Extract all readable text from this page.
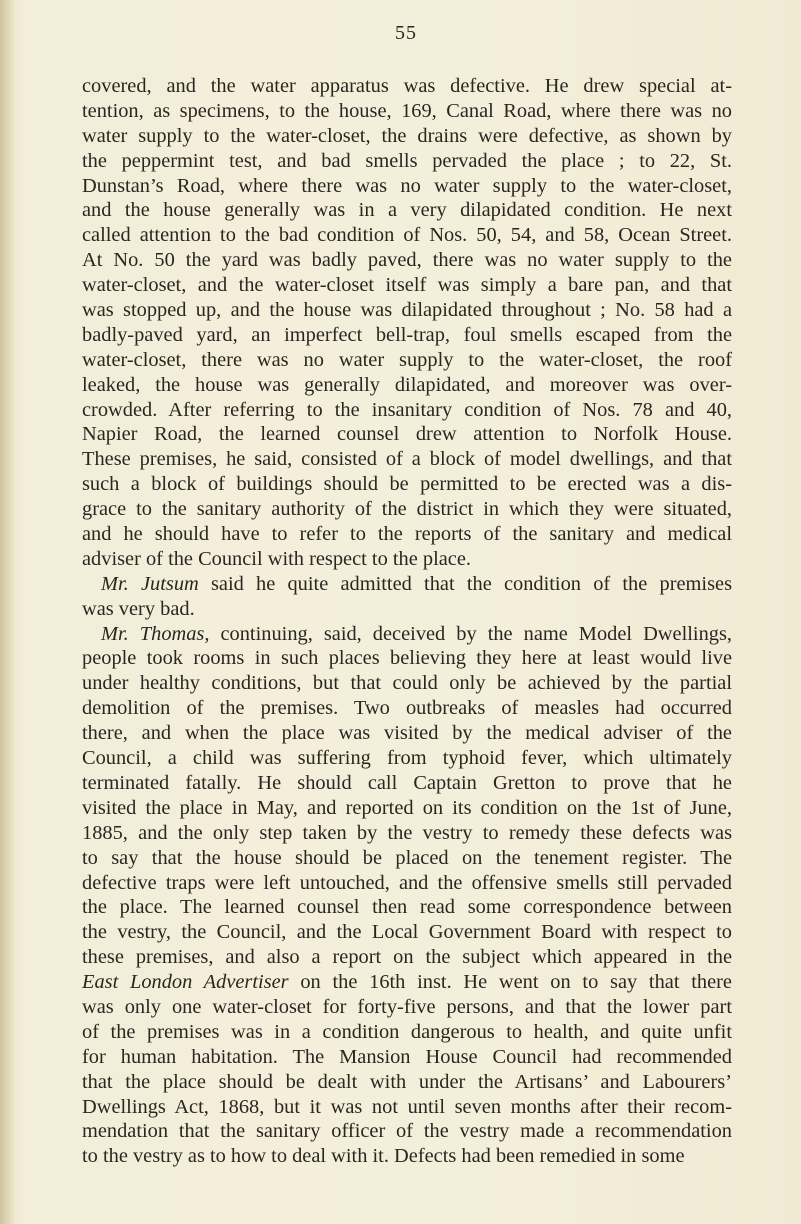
55
covered, and the water apparatus was defective. He drew special at-
tention, as specimens, to the house, 169, Canal Road, where there was no
water supply to the water-closet, the drains were defective, as shown by
the peppermint test, and bad smells pervaded the place ; to 22, St.
Dunstan’s Road, where there was no water supply to the water-closet,
and the house generally was in a very dilapidated condition. He next
called attention to the bad condition of Nos. 50, 54, and 58, Ocean Street.
At No. 50 the yard was badly paved, there was no water supply to the
water-closet, and the water-closet itself was simply a bare pan, and that
was stopped up, and the house was dilapidated throughout ; No. 58 had a
badly-paved yard, an imperfect bell-trap, foul smells escaped from the
water-closet, there was no water supply to the water-closet, the roof
leaked, the house was generally dilapidated, and moreover was over-
crowded. After referring to the insanitary condition of Nos. 78 and 40,
Napier Road, the learned counsel drew attention to Norfolk House.
These premises, he said, consisted of a block of model dwellings, and that
such a block of buildings should be permitted to be erected was a dis-
grace to the sanitary authority of the district in which they were situated,
and he should have to refer to the reports of the sanitary and medical
adviser of the Council with respect to the place.
Mr. Jutsum said he quite admitted that the condition of the premises
was very bad.
Mr. Thomas, continuing, said, deceived by the name Model Dwellings,
people took rooms in such places believing they here at least would live
under healthy conditions, but that could only be achieved by the partial
demolition of the premises. Two outbreaks of measles had occurred
there, and when the place was visited by the medical adviser of the
Council, a child was suffering from typhoid fever, which ultimately
terminated fatally. He should call Captain Gretton to prove that he
visited the place in May, and reported on its condition on the 1st of June,
1885, and the only step taken by the vestry to remedy these defects was
to say that the house should be placed on the tenement register. The
defective traps were left untouched, and the offensive smells still pervaded
the place. The learned counsel then read some correspondence between
the vestry, the Council, and the Local Government Board with respect to
these premises, and also a report on the subject which appeared in the
East London Advertiser on the 16th inst. He went on to say that there
was only one water-closet for forty-five persons, and that the lower part
of the premises was in a condition dangerous to health, and quite unfit
for human habitation. The Mansion House Council had recommended
that the place should be dealt with under the Artisans’ and Labourers’
Dwellings Act, 1868, but it was not until seven months after their recom-
mendation that the sanitary officer of the vestry made a recommendation
to the vestry as to how to deal with it. Defects had been remedied in some
